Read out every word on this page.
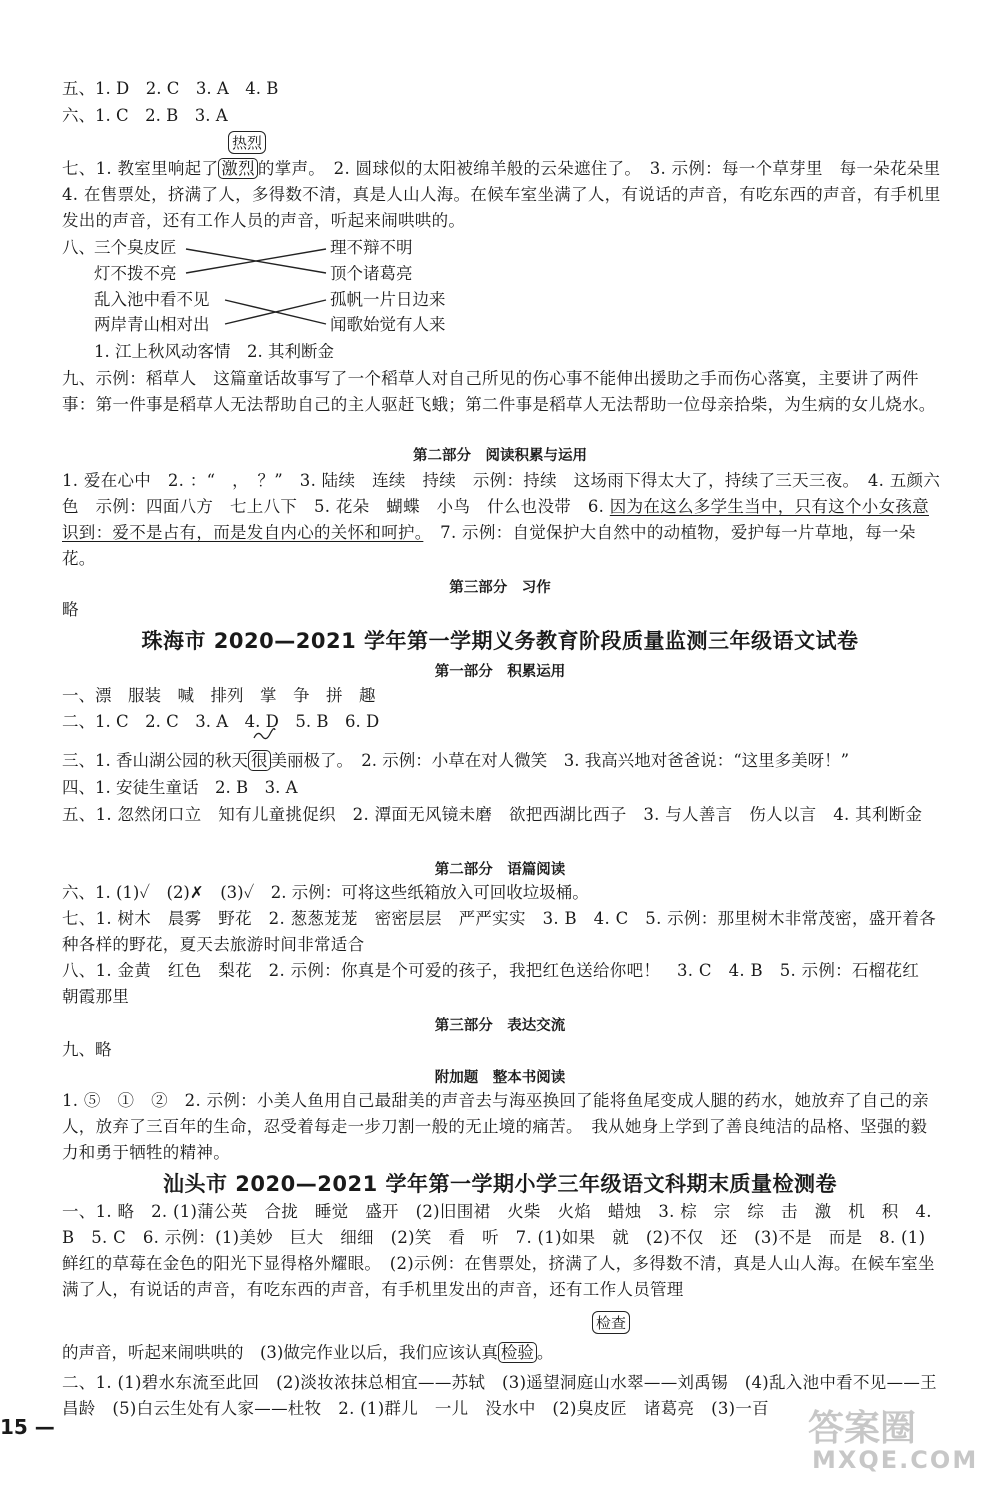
五、1. D　2. C　3. A　4. B
六、1. C　2. B　3. A
热烈
七、1. 教室里响起了 激烈 的掌声。　2. 圆球似的太阳被绵羊般的云朵遮住了。　3. 示例：每一个草芽里　每一朵花朵里　4. 在售票处，挤满了人，多得数不清，真是人山人海。在候车室坐满了人，有说话的声音，有吃东西的声音，有手机里发出的声音，还有工作人员的声音，听起来闹哄哄的。
八、 三个臭皮匠
灯不拨不亮
乱入池中看不见
两岸青山相对出
理不辩不明
顶个诸葛亮
孤帆一片日边来
闻歌始觉有人来
1. 江上秋风动客情　2. 其利断金
九、示例：稻草人　这篇童话故事写了一个稻草人对自己所见的伤心事不能伸出援助之手而伤心落寞，主要讲了两件事：第一件事是稻草人无法帮助自己的主人驱赶飞蛾；第二件事是稻草人无法帮助一位母亲拾柴，为生病的女儿烧水。
第二部分　阅读积累与运用
1. 爱在心中　2. ：“　，　？”　3. 陆续　连续　持续　示例：持续　这场雨下得太大了，持续了三天三夜。　4. 五颜六色　示例：四面八方　七上八下　5. 花朵　蝴蝶　小鸟　什么也没带　6. 因为在这么多学生当中，只有这个小女孩意识到：爱不是占有，而是发自内心的关怀和呵护。　7. 示例：自觉保护大自然中的动植物，爱护每一片草地，每一朵花。
第三部分　习作
略
珠海市 2020—2021 学年第一学期义务教育阶段质量监测三年级语文试卷
第一部分　积累运用
一、漂　服装　喊　排列　掌　争　拼　趣
二、1. C　2. C　3. A　4. D　5. B　6. D
三、1. 香山湖公园的秋天 很 美丽极了。　2. 示例：小草在对人微笑　3. 我高兴地对爸爸说：“这里多美呀！”
四、1. 安徒生童话　2. B　3. A
五、1. 忽然闭口立　知有儿童挑促织　2. 潭面无风镜未磨　欲把西湖比西子　3. 与人善言　伤人以言　4. 其利断金
第二部分　语篇阅读
六、1. (1)✓　(2)✗　(3)✓　2. 示例：可将这些纸箱放入可回收垃圾桶。
七、1. 树木　晨雾　野花　2. 葱葱茏茏　密密层层　严严实实　3. B　4. C　5. 示例：那里树木非常茂密，盛开着各种各样的野花，夏天去旅游时间非常适合
八、1. 金黄　红色　梨花　2. 示例：你真是个可爱的孩子，我把红色送给你吧！　3. C　4. B　5. 示例：石榴花红　朝霞那里
第三部分　表达交流
九、略
附加题　整本书阅读
1. ⑤　①　②　2. 示例：小美人鱼用自己最甜美的声音去与海巫换回了能将鱼尾变成人腿的药水，她放弃了自己的亲人，放弃了三百年的生命，忍受着每走一步刀割一般的无止境的痛苦。　我从她身上学到了善良纯洁的品格、坚强的毅力和勇于牺牲的精神。
汕头市 2020—2021 学年第一学期小学三年级语文科期末质量检测卷
一、1. 略　2. (1)蒲公英　合拢　睡觉　盛开　(2)旧围裙　火柴　火焰　蜡烛　3. 棕　宗　综　击　激　机　积　4. B　5. C　6. 示例：(1)美妙　巨大　细细　(2)笑　看　听　7. (1)如果　就　(2)不仅　还　(3)不是　而是　8. (1)鲜红的草莓在金色的阳光下显得格外耀眼。　(2)示例：在售票处，挤满了人，多得数不清，真是人山人海。在候车室坐满了人，有说话的声音，有吃东西的声音，有手机里发出的声音，还有工作人员管理
检查
的声音，听起来闹哄哄的　(3)做完作业以后，我们应该认真 检验 。
二、1. (1)碧水东流至此回　(2)淡妆浓抹总相宜——苏轼　(3)遥望洞庭山水翠——刘禹锡　(4)乱入池中看不见——王昌龄　(5)白云生处有人家——杜牧　2. (1)群儿　一儿　没水中　(2)臭皮匠　诸葛亮　(3)一百
15 —	答案圈
MXQE.COM
